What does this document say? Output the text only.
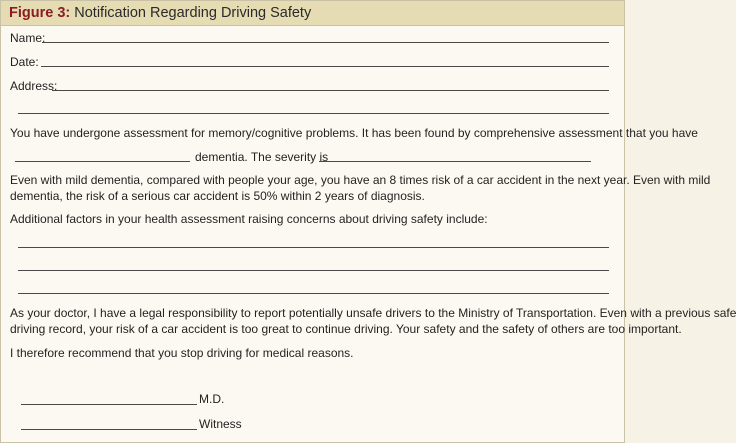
Figure 3: Notification Regarding Driving Safety
Name:
Date:
Address:
You have undergone assessment for memory/cognitive problems. It has been found by comprehensive assessment that you have
dementia. The severity is
Even with mild dementia, compared with people your age, you have an 8 times risk of a car accident in the next year. Even with mild
dementia, the risk of a serious car accident is 50% within 2 years of diagnosis.
Additional factors in your health assessment raising concerns about driving safety include:
As your doctor, I have a legal responsibility to report potentially unsafe drivers to the Ministry of Transportation. Even with a previous safe
driving record, your risk of a car accident is too great to continue driving. Your safety and the safety of others are too important.
I therefore recommend that you stop driving for medical reasons.
M.D.
Witness
